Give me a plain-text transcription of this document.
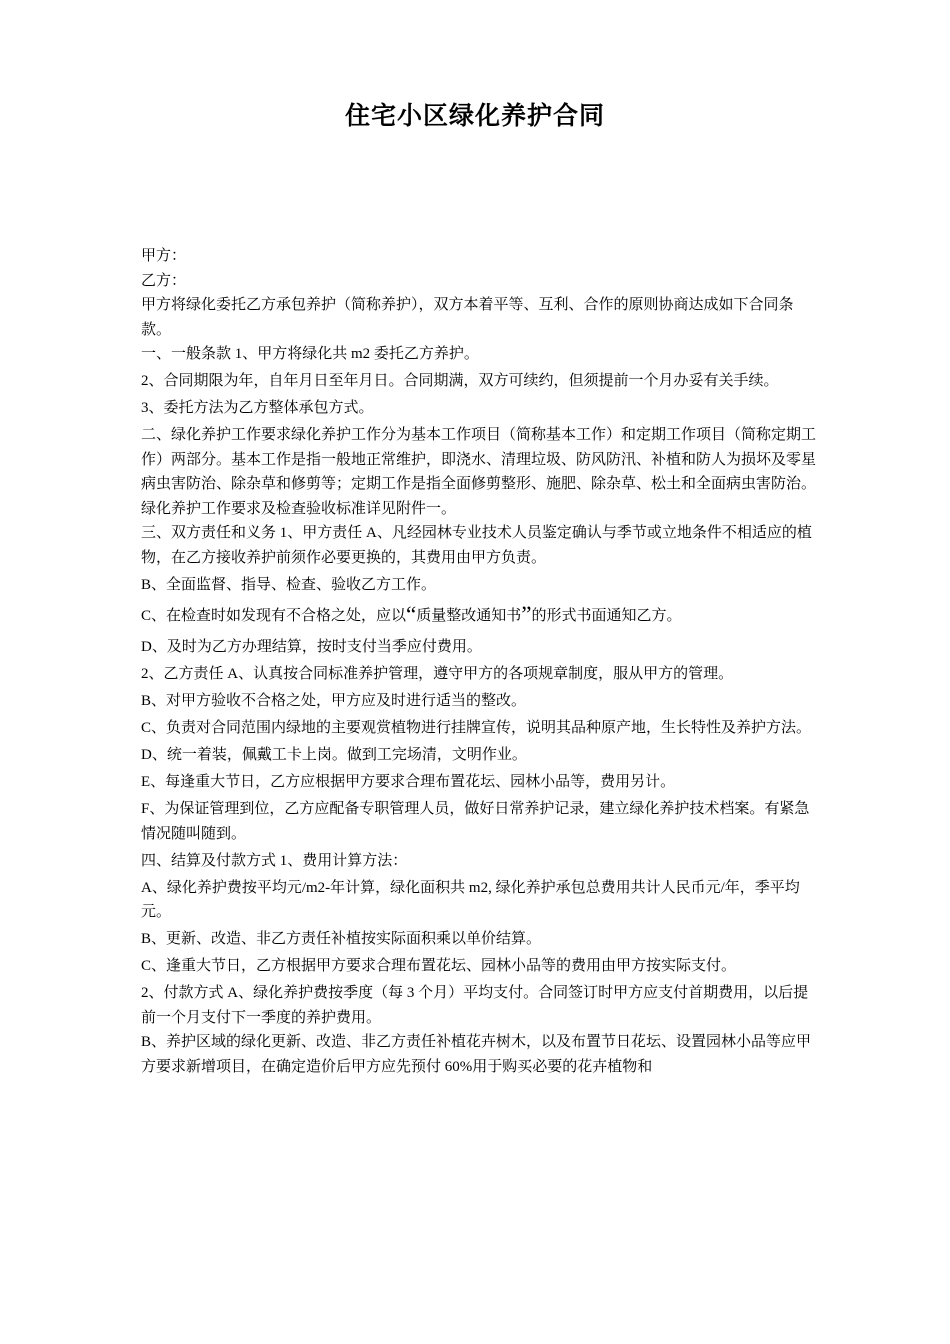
住宅小区绿化养护合同

甲方：

乙方：

甲方将绿化委托乙方承包养护（简称养护），双方本着平等、互利、合作的原则协商达成如下合同条款。

一、一般条款 1、甲方将绿化共 m2 委托乙方养护。

2、合同期限为年，自年月日至年月日。合同期满，双方可续约，但须提前一个月办妥有关手续。

3、委托方法为乙方整体承包方式。

二、绿化养护工作要求绿化养护工作分为基本工作项目（简称基本工作）和定期工作项目（简称定期工作）两部分。基本工作是指一般地正常维护，即浇水、清理垃圾、防风防汛、补植和防人为损坏及零星病虫害防治、除杂草和修剪等；定期工作是指全面修剪整形、施肥、除杂草、松土和全面病虫害防治。

绿化养护工作要求及检查验收标准详见附件一。

三、双方责任和义务 1、甲方责任 A、凡经园林专业技术人员鉴定确认与季节或立地条件不相适应的植物，在乙方接收养护前须作必要更换的，其费用由甲方负责。

B、全面监督、指导、检查、验收乙方工作。

C、在检查时如发现有不合格之处，应以“质量整改通知书”的形式书面通知乙方。

D、及时为乙方办理结算，按时支付当季应付费用。

2、乙方责任 A、认真按合同标准养护管理，遵守甲方的各项规章制度，服从甲方的管理。

B、对甲方验收不合格之处，甲方应及时进行适当的整改。

C、负责对合同范围内绿地的主要观赏植物进行挂牌宣传，说明其品种原产地，生长特性及养护方法。

D、统一着装，佩戴工卡上岗。做到工完场清，文明作业。

E、每逢重大节日，乙方应根据甲方要求合理布置花坛、园林小品等，费用另计。

F、为保证管理到位，乙方应配备专职管理人员，做好日常养护记录，建立绿化养护技术档案。有紧急情况随叫随到。

四、结算及付款方式 1、费用计算方法：

A、绿化养护费按平均元/m2-年计算，绿化面积共 m2, 绿化养护承包总费用共计人民币元/年，季平均元。

B、更新、改造、非乙方责任补植按实际面积乘以单价结算。

C、逢重大节日，乙方根据甲方要求合理布置花坛、园林小品等的费用由甲方按实际支付。

2、付款方式 A、绿化养护费按季度（每 3 个月）平均支付。合同签订时甲方应支付首期费用，以后提前一个月支付下一季度的养护费用。

B、养护区域的绿化更新、改造、非乙方责任补植花卉树木，以及布置节日花坛、设置园林小品等应甲方要求新增项目，在确定造价后甲方应先预付 60%用于购买必要的花卉植物和
